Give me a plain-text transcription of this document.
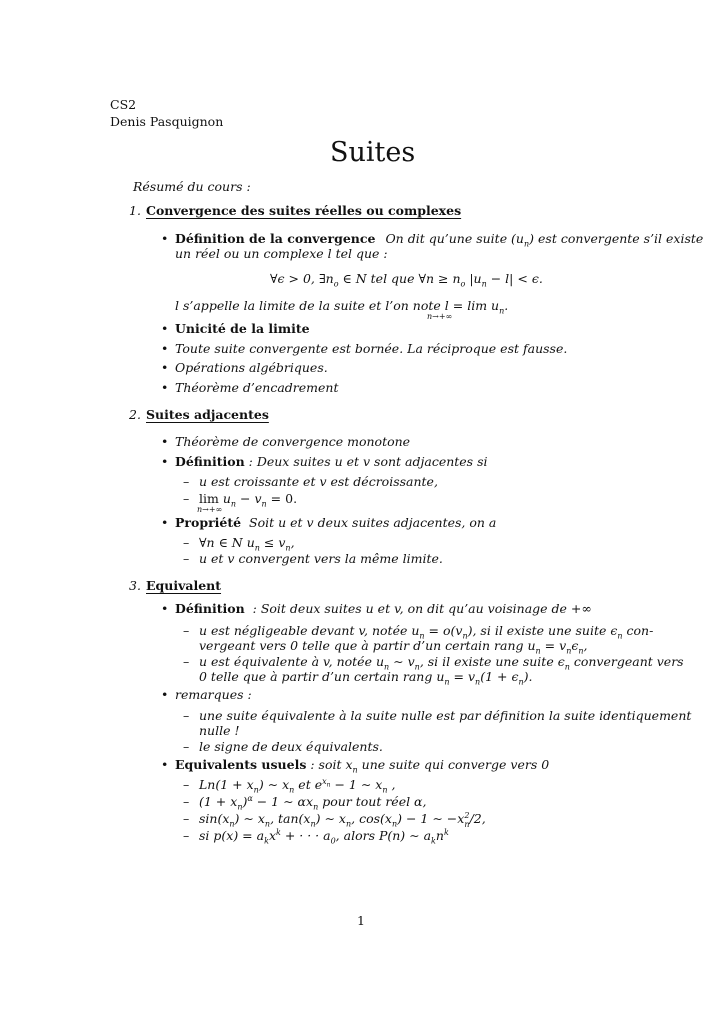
CS2
Denis Pasquignon
Suites
Résumé du cours :
1. Convergence des suites réelles ou complexes
• Définition de la convergence On dit qu’une suite $(u_n)$ est convergente s’il existe
un réel ou un complexe l tel que :
∀ϵ > 0, $\exists n_o$ ∈ N tel que ∀n ≥ $n_o$ $|u_n - l| < \epsilon$.
l s’appelle la limite de la suite et l’on note l = lim
n→+∞
$u_n$.
• Unicité de la limite
• Toute suite convergente est bornée. La réciproque est fausse.
• Opérations algébriques.
• Théorème d’encadrement
2. Suites adjacentes
• Théorème de convergence monotone
• Définition : Deux suites u et v sont adjacentes si
– u est croissante et v est décroissante,
– lim
n→+∞
$u_n - v_n = 0$.
• Propriété Soit u et v deux suites adjacentes, on a
– ∀n ∈ N $u_n \le v_n$,
– u et v convergent vers la même limite.
3. Equivalent
• Définition : Soit deux suites u et v, on dit qu’au voisinage de +∞
– u est négligeable devant v, notée $u_n = o(v_n)$, si il existe une suite $\epsilon_n$ con-
vergeant vers 0 telle que à partir d’un certain rang $u_n = v_n\epsilon_n$,
– u est équivalente à v, notée $u_n$ ∼ $v_n$, si il existe une suite $\epsilon_n$ convergeant vers
0 telle que à partir d’un certain rang $u_n = v_n(1 + \epsilon_n)$.
• remarques :
– une suite équivalente à la suite nulle est par définition la suite identiquement
nulle !
– le signe de deux équivalents.
• Equivalents usuels : soit $x_n$ une suite qui converge vers 0
– $Ln(1 + x_n)$ ∼ $x_n$ et $e^{x_n} - 1$ ∼ $x_n$ ,
– $(1 + x_n)^\alpha - 1$ ∼ $\alpha x_n$ pour tout réel α,
– $\sin(x_n)$ ∼ $x_n$, $\tan(x_n)$ ∼ $x_n$, $\cos(x_n) - 1$ ∼ $-x^2_n/2$,
– si $p(x) = a_kx^k$ + · · · $a_0$, alors P(n) ∼ $a_kn^k$
1
